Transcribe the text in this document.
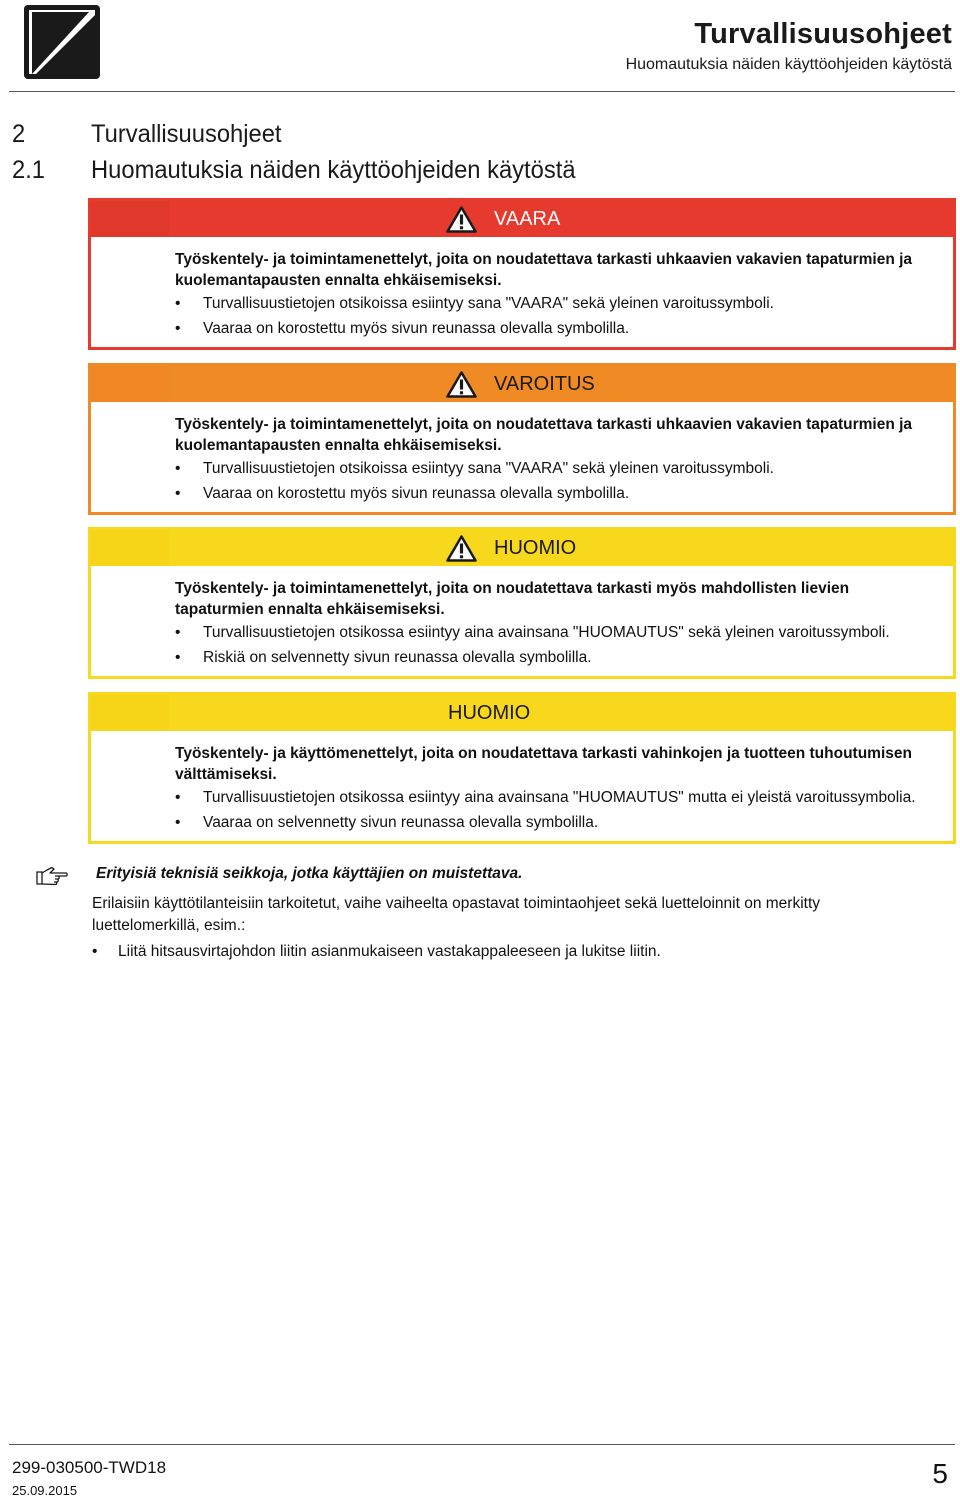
Turvallisuusohjeet
Huomautuksia näiden käyttöohjeiden käytöstä
2	Turvallisuusohjeet
2.1 Huomautuksia näiden käyttöohjeiden käytöstä
VAARA
Työskentely- ja toimintamenettelyt, joita on noudatettava tarkasti uhkaavien vakavien tapaturmien ja kuolemantapausten ennalta ehkäisemiseksi.
• Turvallisuustietojen otsikoissa esiintyy sana "VAARA" sekä yleinen varoitussymboli.
• Vaaraa on korostettu myös sivun reunassa olevalla symbolilla.
VAROITUS
Työskentely- ja toimintamenettelyt, joita on noudatettava tarkasti uhkaavien vakavien tapaturmien ja kuolemantapausten ennalta ehkäisemiseksi.
• Turvallisuustietojen otsikoissa esiintyy sana "VAARA" sekä yleinen varoitussymboli.
• Vaaraa on korostettu myös sivun reunassa olevalla symbolilla.
HUOMIO
Työskentely- ja toimintamenettelyt, joita on noudatettava tarkasti myös mahdollisten lievien tapaturmien ennalta ehkäisemiseksi.
• Turvallisuustietojen otsikossa esiintyy aina avainsana "HUOMAUTUS" sekä yleinen varoitussymboli.
• Riskiä on selvennetty sivun reunassa olevalla symbolilla.
HUOMIO
Työskentely- ja käyttömenettelyt, joita on noudatettava tarkasti vahinkojen ja tuotteen tuhoutumisen välttämiseksi.
• Turvallisuustietojen otsikossa esiintyy aina avainsana "HUOMAUTUS" mutta ei yleistä varoitussymbolia.
• Vaaraa on selvennetty sivun reunassa olevalla symbolilla.
Erityisiä teknisiä seikkoja, jotka käyttäjien on muistettava.
Erilaisiin käyttötilanteisiin tarkoitetut, vaihe vaiheelta opastavat toimintaohjeet sekä luetteloinnit on merkitty luettelomerkillä, esim.:
• Liitä hitsausvirtajohdon liitin asianmukaiseen vastakappaleeseen ja lukitse liitin.
299-030500-TWD18
25.09.2015
5
